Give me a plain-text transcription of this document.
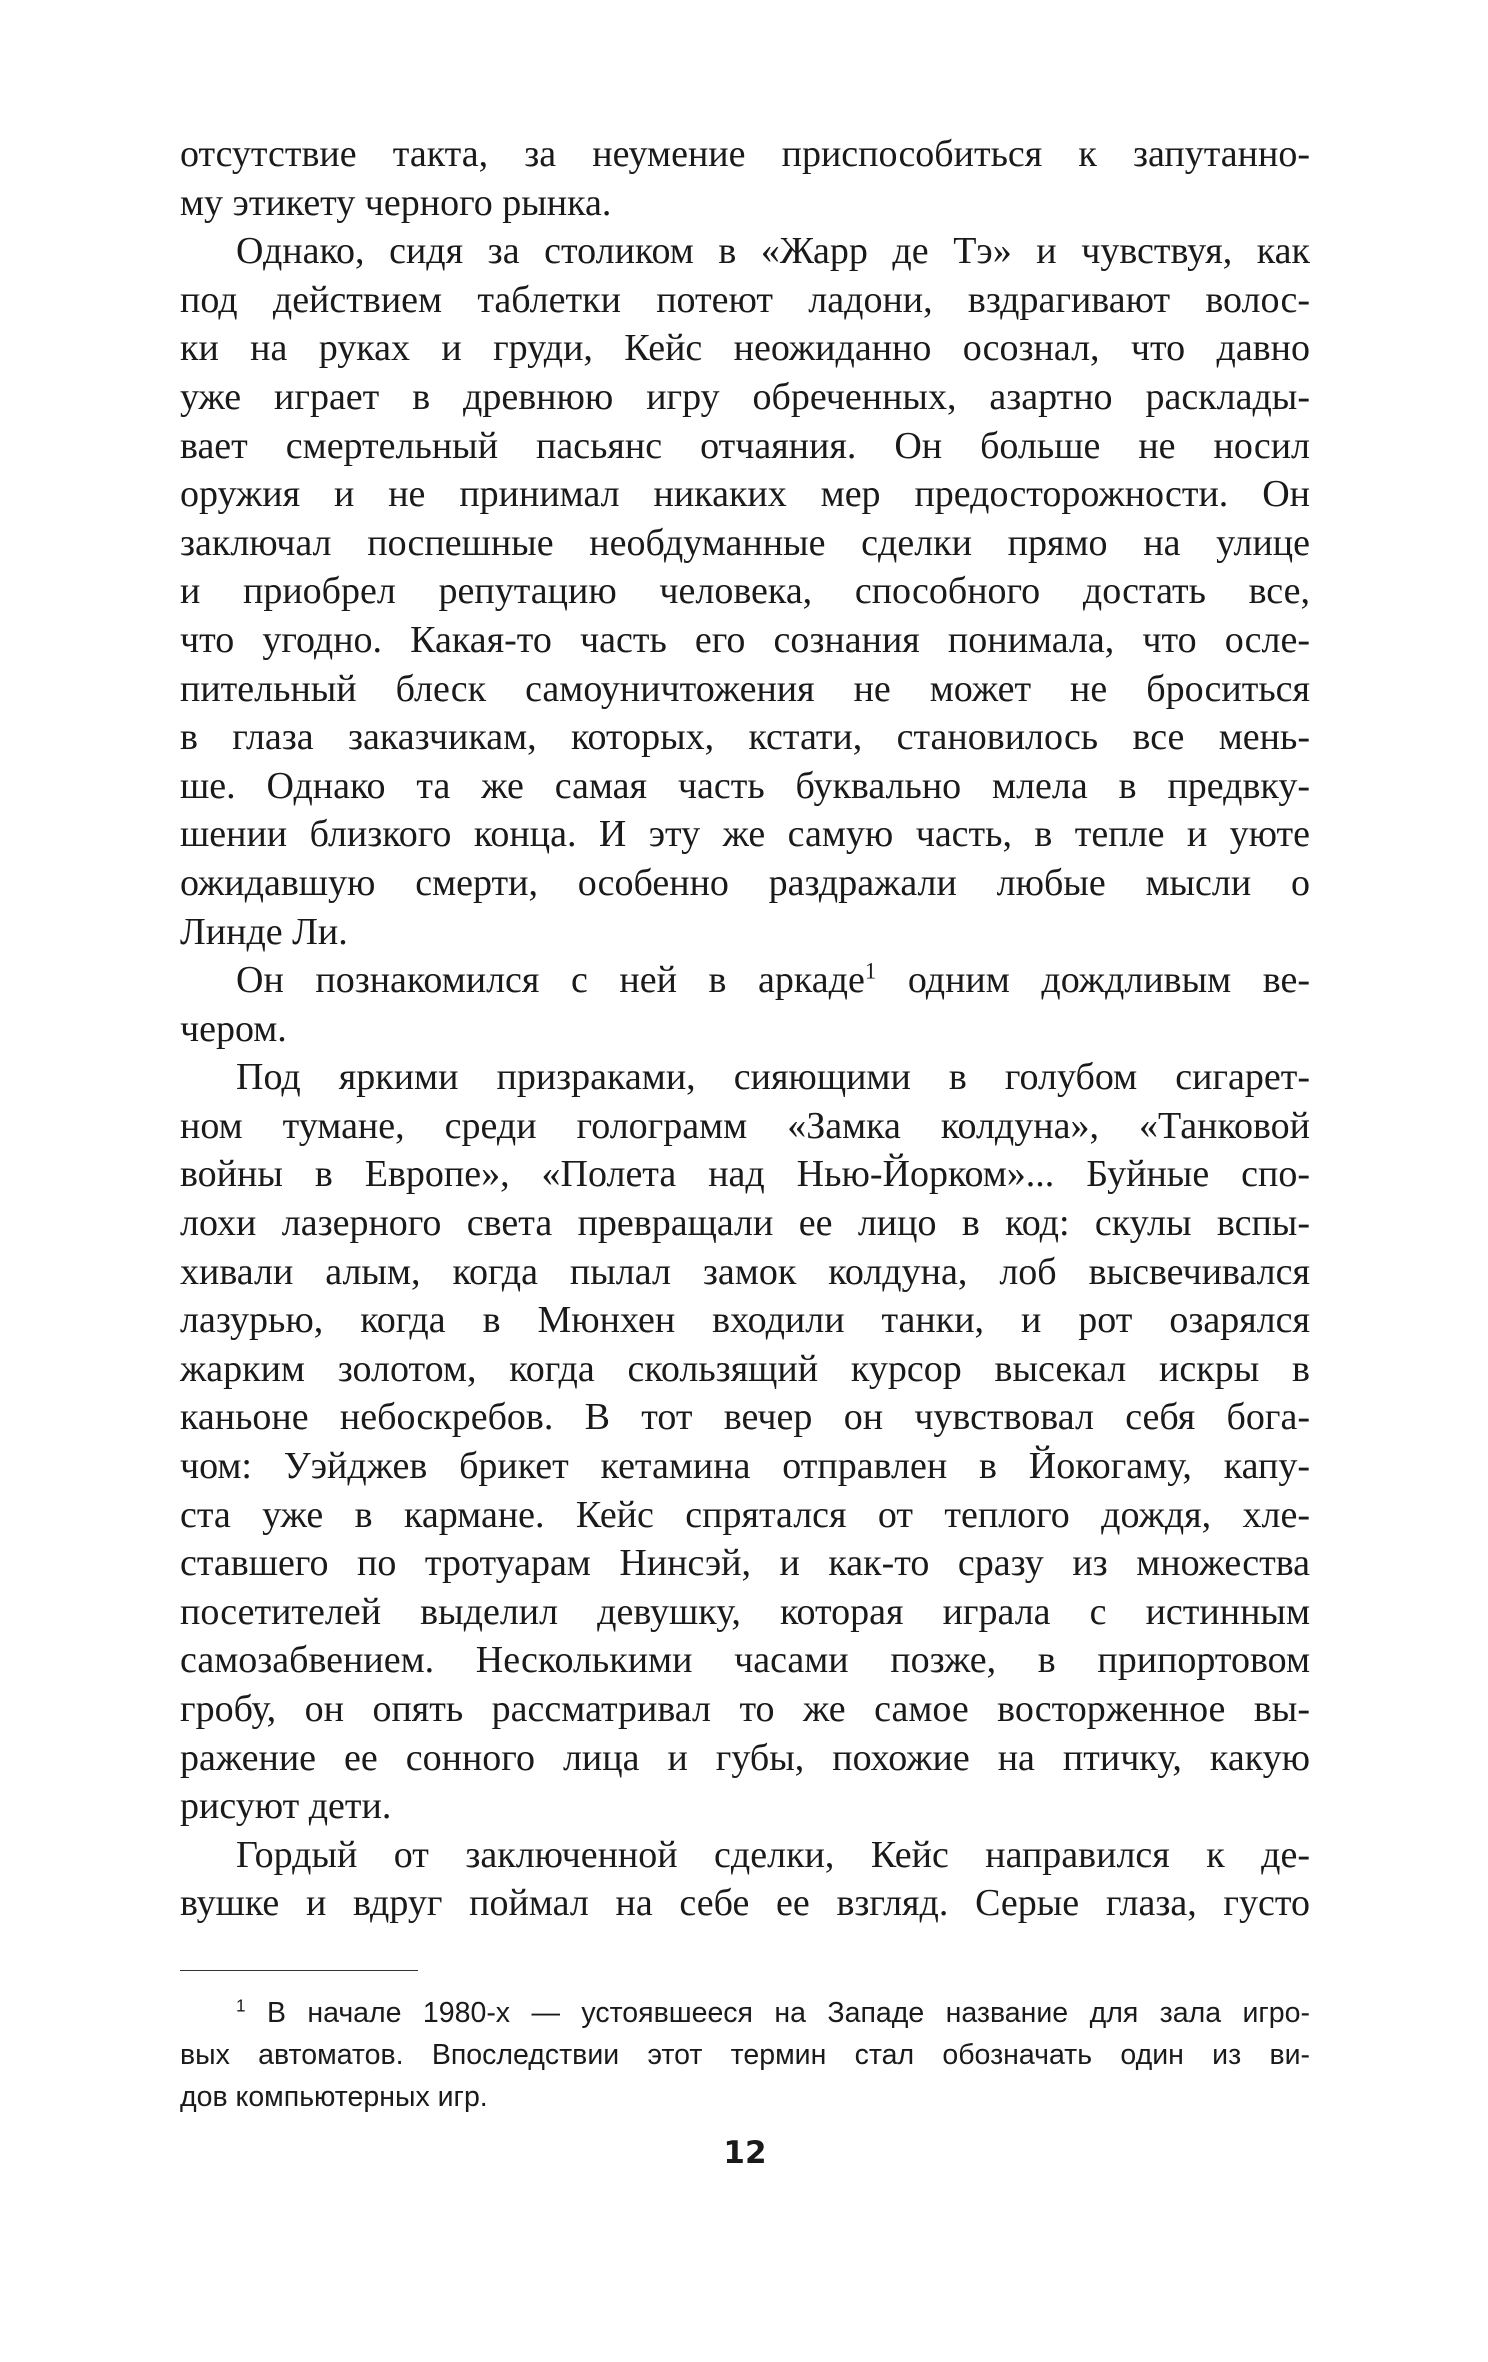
отсутствие такта, за неумение приспособиться к запутанно-
му этикету черного рынка.
Однако, сидя за столиком в «Жарр де Тэ» и чувствуя, как
под действием таблетки потеют ладони, вздрагивают волос-
ки на руках и груди, Кейс неожиданно осознал, что давно
уже играет в древнюю игру обреченных, азартно расклады-
вает смертельный пасьянс отчаяния. Он больше не носил
оружия и не принимал никаких мер предосторожности. Он
заключал поспешные необдуманные сделки прямо на улице
и приобрел репутацию человека, способного достать все,
что угодно. Какая-то часть его сознания понимала, что осле-
пительный блеск самоуничтожения не может не броситься
в глаза заказчикам, которых, кстати, становилось все мень-
ше. Однако та же самая часть буквально млела в предвку-
шении близкого конца. И эту же самую часть, в тепле и уюте
ожидавшую смерти, особенно раздражали любые мысли о
Линде Ли.
Он познакомился с ней в аркаде$^1$ одним дождливым ве-
чером.
Под яркими призраками, сияющими в голубом сигарет-
ном тумане, среди голограмм «Замка колдуна», «Танковой
войны в Европе», «Полета над Нью-Йорком»... Буйные спо-
лохи лазерного света превращали ее лицо в код: скулы вспы-
хивали алым, когда пылал замок колдуна, лоб высвечивался
лазурью, когда в Мюнхен входили танки, и рот озарялся
жарким золотом, когда скользящий курсор высекал искры в
каньоне небоскребов. В тот вечер он чувствовал себя бога-
чом: Уэйджев брикет кетамина отправлен в Йокогаму, капу-
ста уже в кармане. Кейс спрятался от теплого дождя, хле-
ставшего по тротуарам Нинсэй, и как-то сразу из множества
посетителей выделил девушку, которая играла с истинным
самозабвением. Несколькими часами позже, в припортовом
гробу, он опять рассматривал то же самое восторженное вы-
ражение ее сонного лица и губы, похожие на птичку, какую
рисуют дети.
Гордый от заключенной сделки, Кейс направился к де-
вушке и вдруг поймал на себе ее взгляд. Серые глаза, густо
$^1$ В начале 1980-х — устоявшееся на Западе название для зала игро-
вых автоматов. Впоследствии этот термин стал обозначать один из ви-
дов компьютерных игр.
12
